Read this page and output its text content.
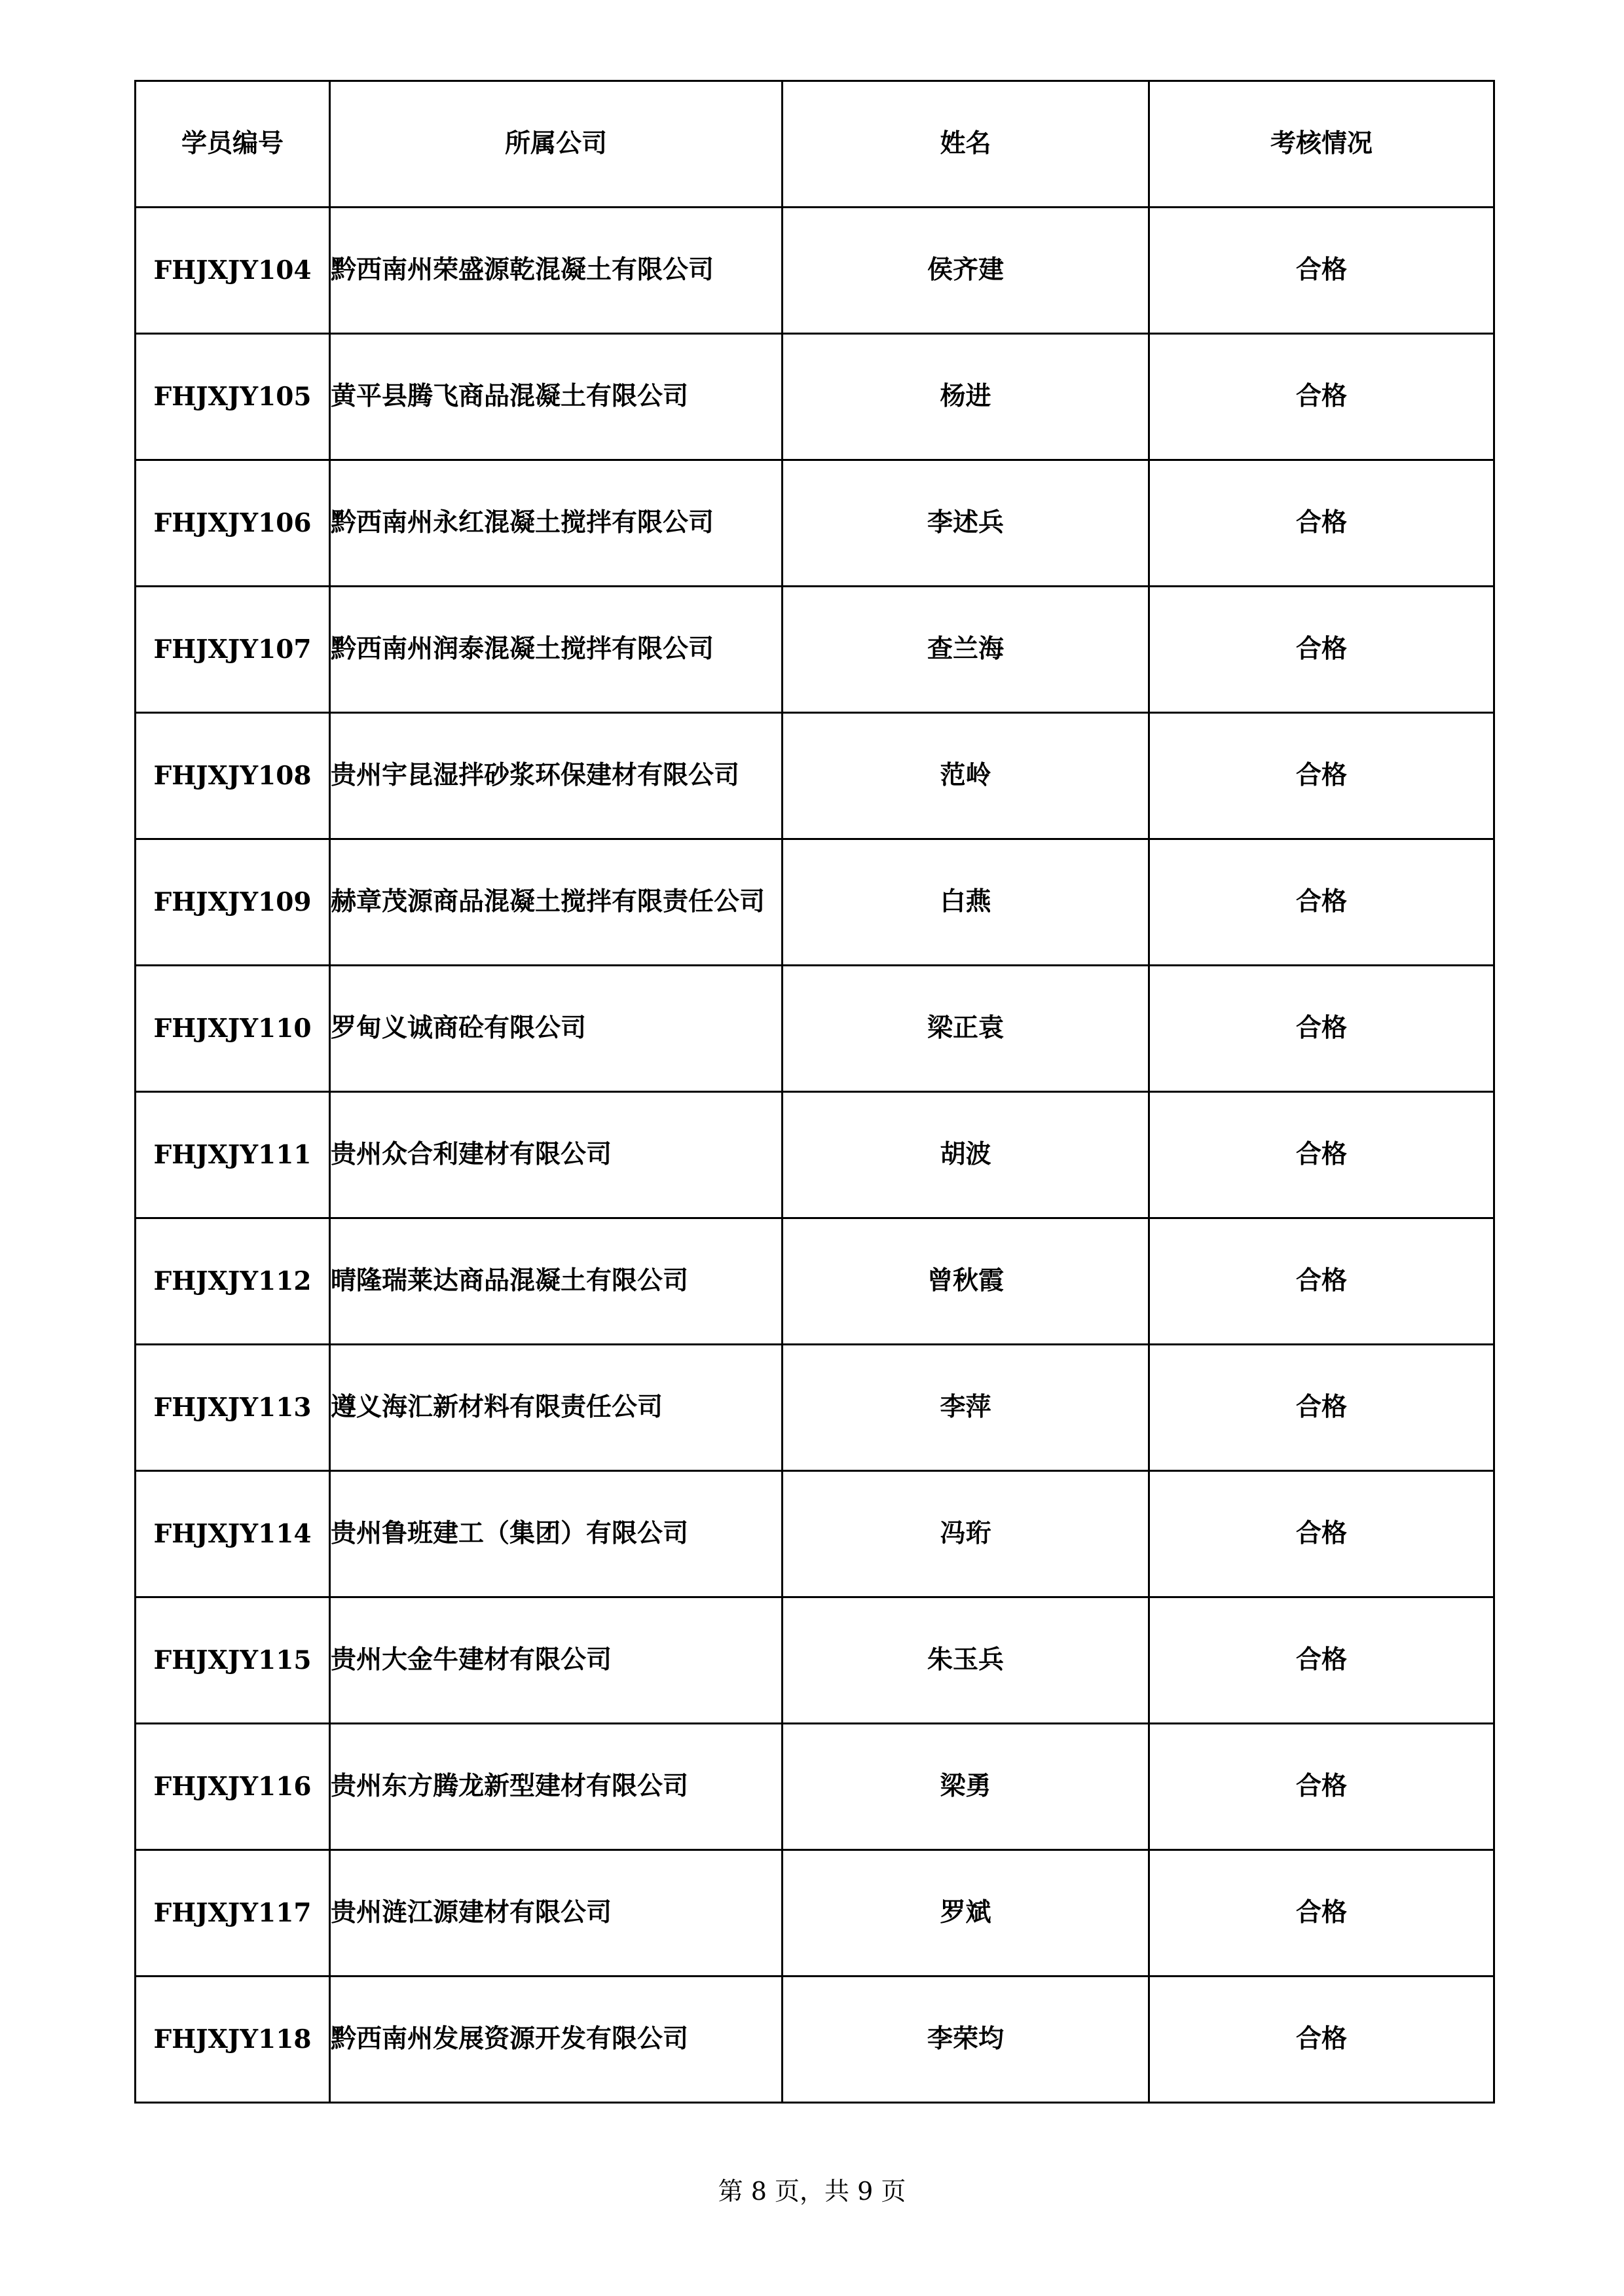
学员编号	所属公司	姓名	考核情况
FHJXJY104	黔西南州荣盛源乾混凝土有限公司	侯齐建	合格
FHJXJY105	黄平县腾飞商品混凝土有限公司	杨进	合格
FHJXJY106	黔西南州永红混凝土搅拌有限公司	李述兵	合格
FHJXJY107	黔西南州润泰混凝土搅拌有限公司	查兰海	合格
FHJXJY108	贵州宇昆湿拌砂浆环保建材有限公司	范岭	合格
FHJXJY109	赫章茂源商品混凝土搅拌有限责任公司	白燕	合格
FHJXJY110	罗甸义诚商砼有限公司	梁正袁	合格
FHJXJY111	贵州众合利建材有限公司	胡波	合格
FHJXJY112	晴隆瑞莱达商品混凝土有限公司	曾秋霞	合格
FHJXJY113	遵义海汇新材料有限责任公司	李萍	合格
FHJXJY114	贵州鲁班建工（集团）有限公司	冯珩	合格
FHJXJY115	贵州大金牛建材有限公司	朱玉兵	合格
FHJXJY116	贵州东方腾龙新型建材有限公司	梁勇	合格
FHJXJY117	贵州涟江源建材有限公司	罗斌	合格
FHJXJY118	黔西南州发展资源开发有限公司	李荣均	合格
第 8 页，共 9 页
